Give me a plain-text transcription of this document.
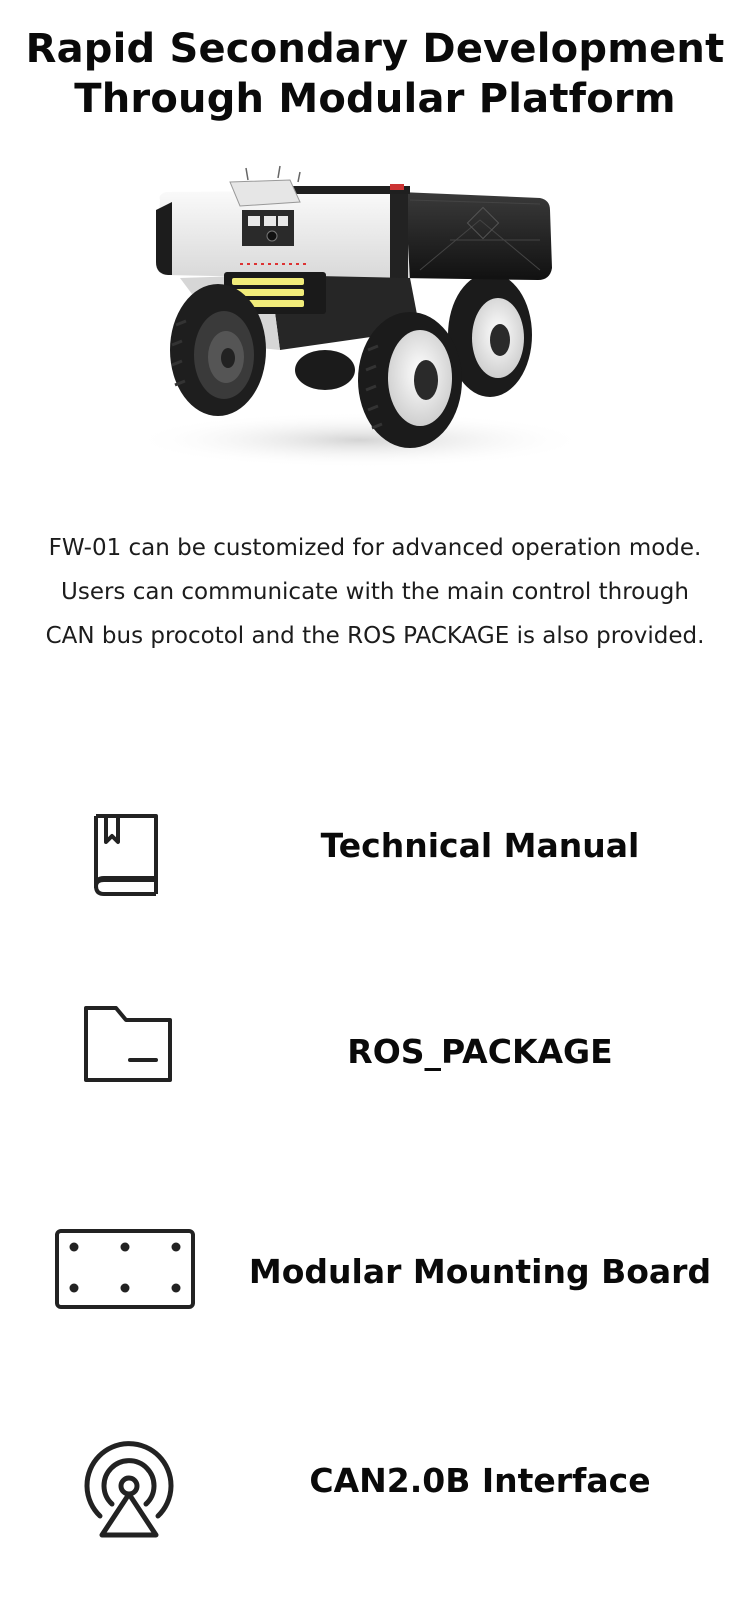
Rapid Secondary Development
Through Modular Platform
FW-01 can be customized for advanced operation mode.
Users can communicate with the main control through
CAN bus procotol and the ROS PACKAGE is also provided.
Technical Manual
ROS_PACKAGE
Modular Mounting Board
CAN2.0B Interface
